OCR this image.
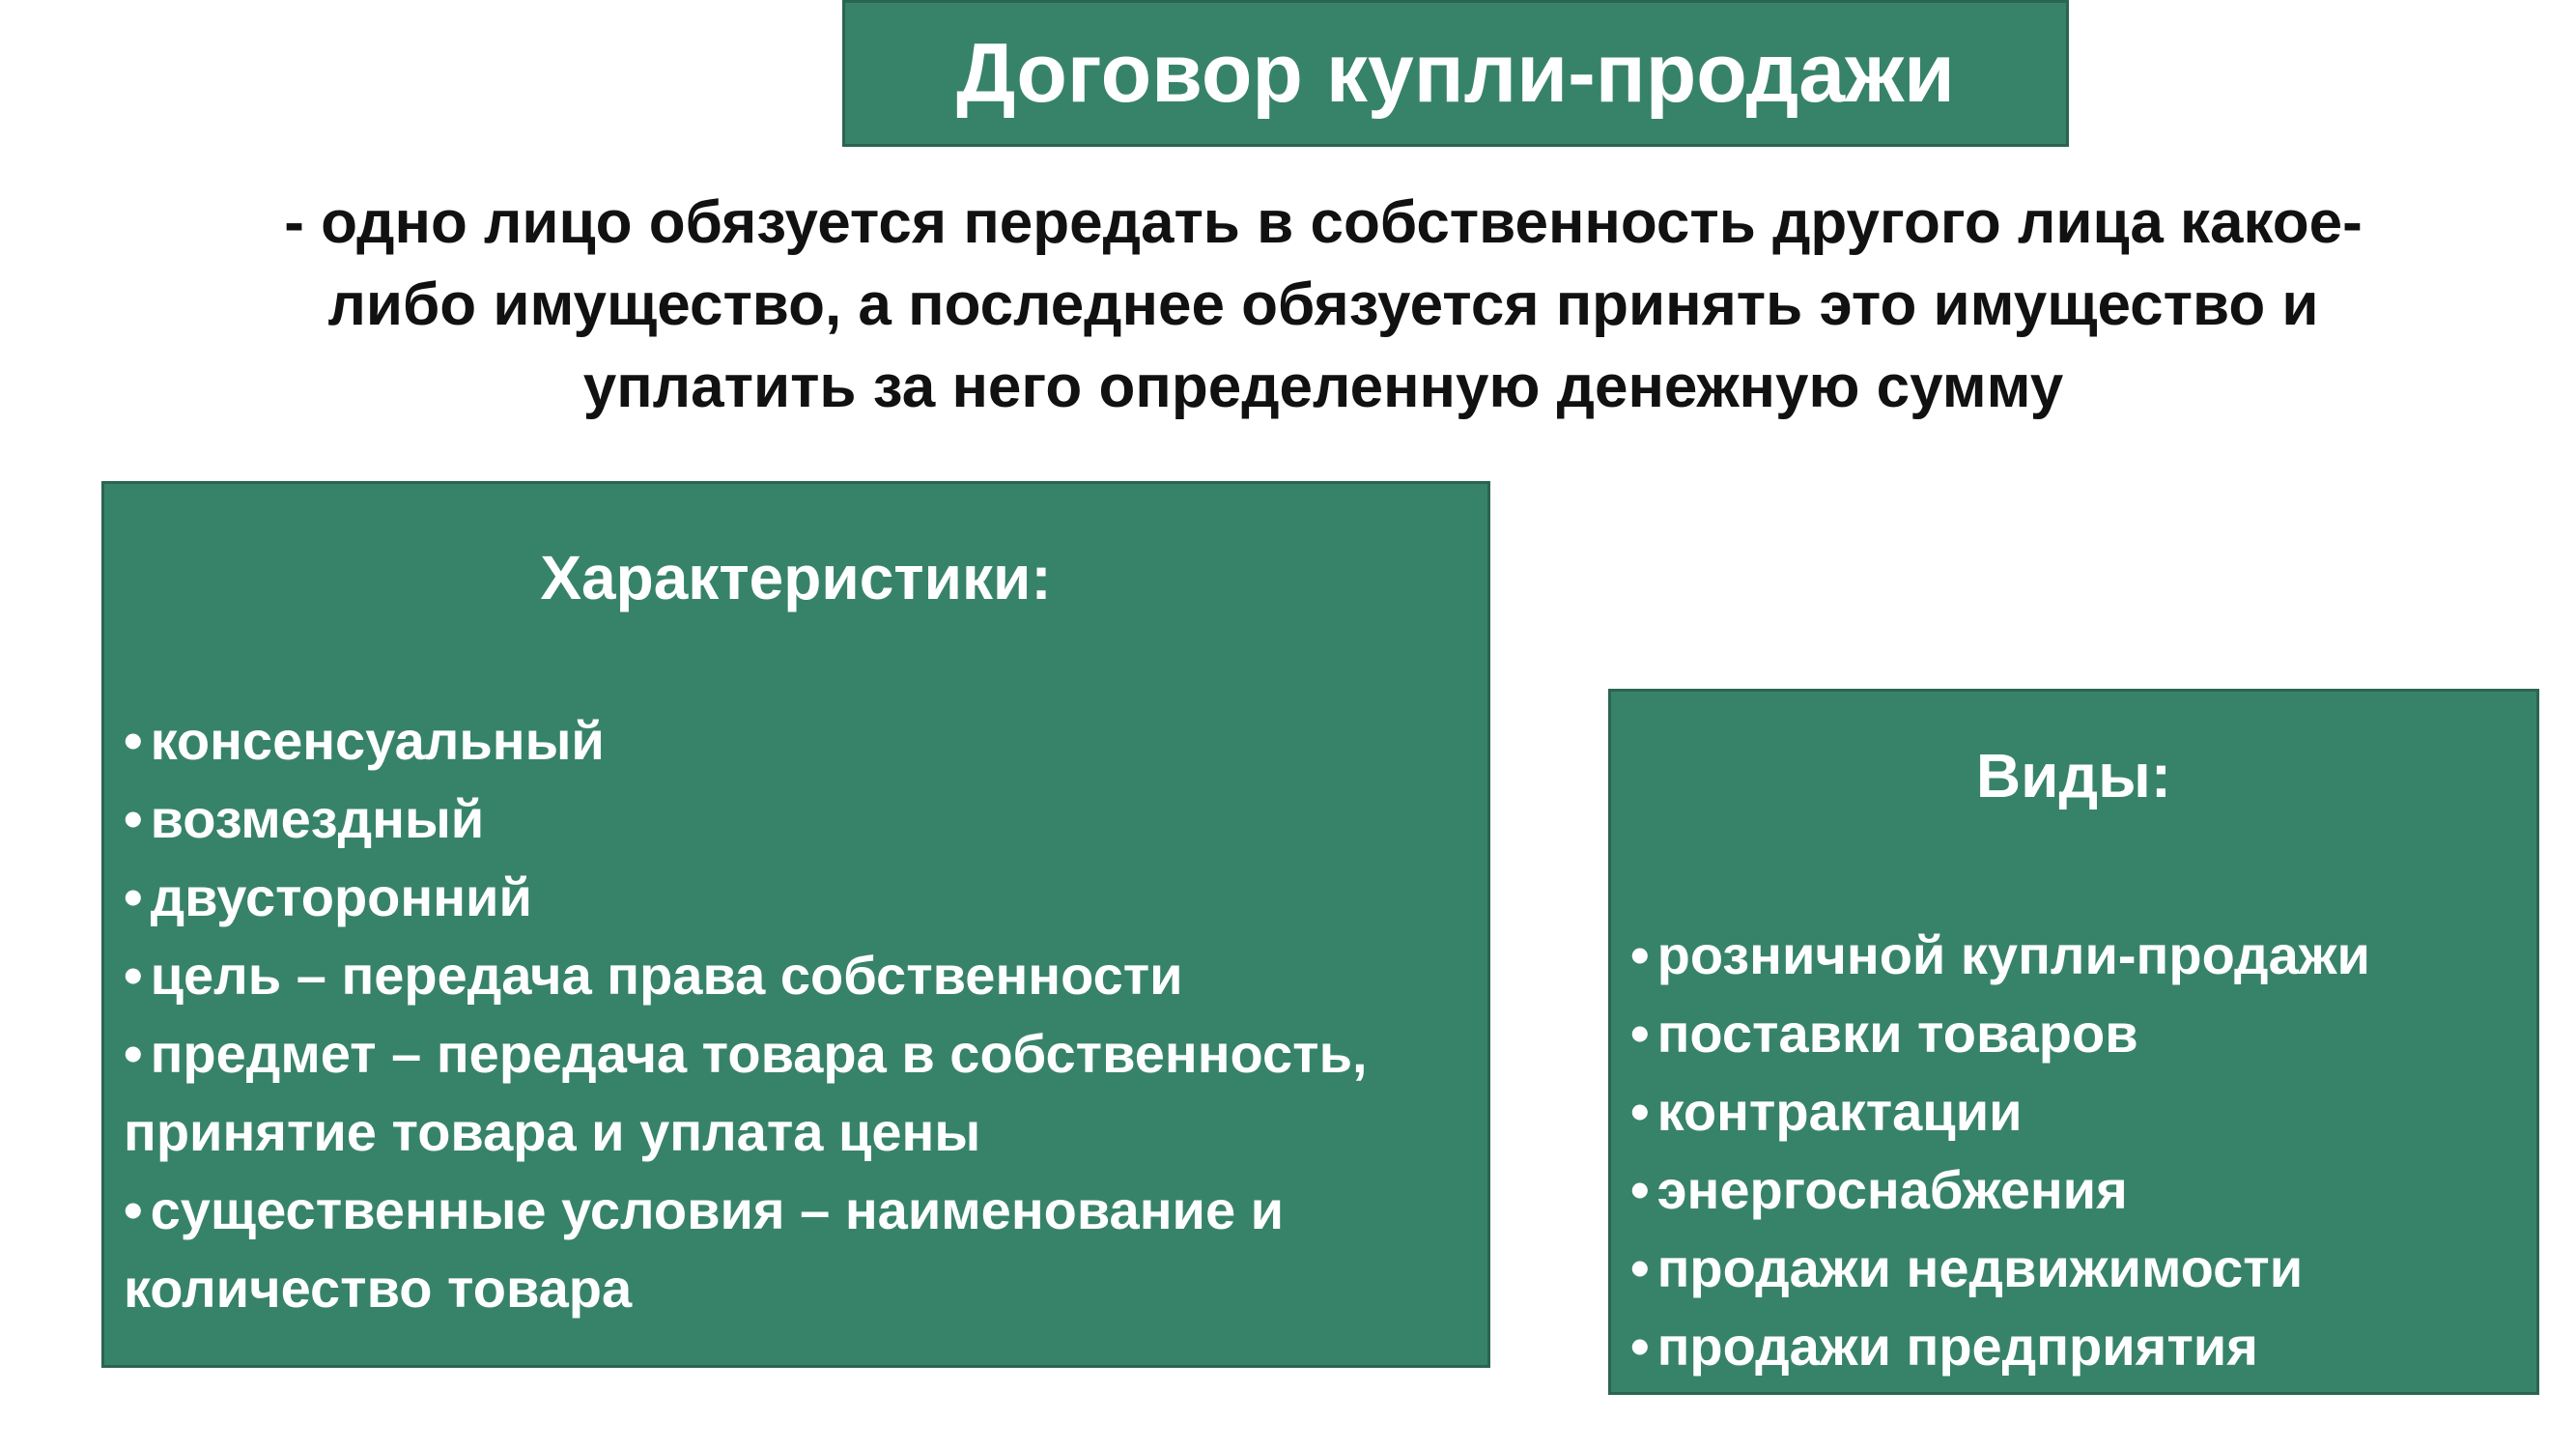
Договор купли-продажи
- одно лицо обязуется передать в собственность другого лица какое-
либо имущество, а последнее обязуется принять это имущество и
уплатить за него определенную денежную сумму
Характеристики:
• консенсуальный
• возмездный
• двусторонний
• цель – передача права собственности
• предмет – передача товара в собственность,
принятие товара и уплата цены
• существенные условия – наименование и
количество товара
Виды:
• розничной купли-продажи
• поставки товаров
• контрактации
• энергоснабжения
• продажи недвижимости
• продажи предприятия
